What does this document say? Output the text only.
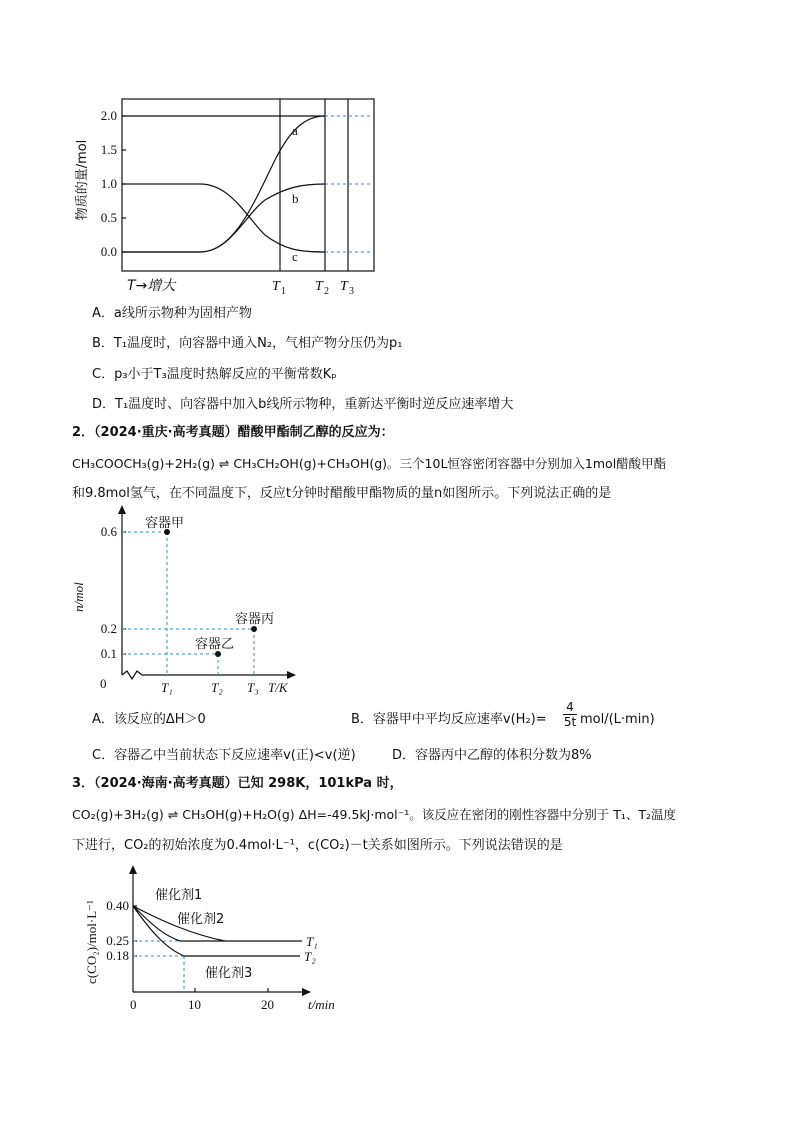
2.0
1.5
1.0
0.5
0.0
物质的量/mol
a
b
c
T→增大	T 1 T 2 T 3
A．a线所示物种为固相产物
B．T₁温度时，向容器中通入N₂，气相产物分压仍为p₁
C．p₃小于T₃温度时热解反应的平衡常数Kₚ
D．T₁温度时、向容器中加入b线所示物种，重新达平衡时逆反应速率增大
2．（2024·重庆·高考真题）醋酸甲酯制乙醇的反应为：
CH₃COOCH₃(g)+2H₂(g) ⇌ CH₃CH₂OH(g)+CH₃OH(g)。三个10L恒容密闭容器中分别加入1mol醋酸甲酯
和9.8mol氢气，在不同温度下，反应t分钟时醋酸甲酯物质的量n如图所示。下列说法正确的是
容器甲
容器乙
容器丙
0.6
0.2
0.1
n/mol
0	T₁	T₂ T₃ T/K
A．该反应的ΔH＞0	B．容器甲中平均反应速率$v(H_2)= \frac{4}{5t} mol/(L\cdot\min)$
C．容器乙中当前状态下反应速率v(正)<v(逆)	D．容器丙中乙醇的体积分数为8%
3．（2024·海南·高考真题）已知 298K，101kPa 时，
CO₂(g)+3H₂(g) ⇌ CH₃OH(g)+H₂O(g) ΔH=-49.5kJ·mol⁻¹。该反应在密闭的刚性容器中分别于 T₁、T₂温度
下进行，CO₂的初始浓度为0.4mol·L⁻¹，c(CO₂)－t关系如图所示。下列说法错误的是
催化剂1
催化剂2
催化剂3
T₁
T₂
0.40
0.25
0.18
c(CO₂)/mol·L⁻¹
0	10	20	t/min
